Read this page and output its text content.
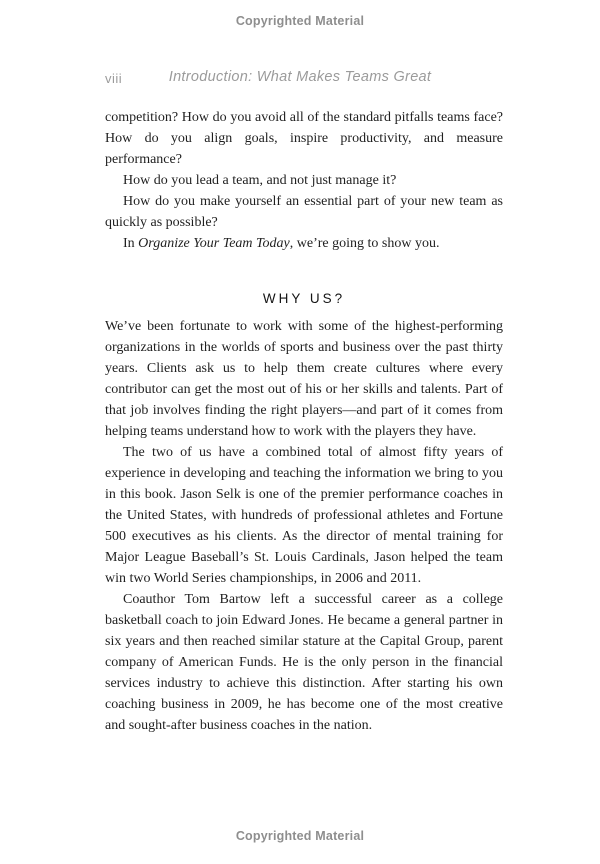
Copyrighted Material
viii	Introduction: What Makes Teams Great

competition? How do you avoid all of the standard pitfalls teams face? How do you align goals, inspire productivity, and measure performance?

How do you lead a team, and not just manage it?

How do you make yourself an essential part of your new team as quickly as possible?

In Organize Your Team Today, we’re going to show you.

WHY US?

We’ve been fortunate to work with some of the highest-performing organizations in the worlds of sports and business over the past thirty years. Clients ask us to help them create cultures where every contributor can get the most out of his or her skills and talents. Part of that job involves finding the right players—and part of it comes from helping teams understand how to work with the players they have.

The two of us have a combined total of almost fifty years of experience in developing and teaching the information we bring to you in this book. Jason Selk is one of the premier performance coaches in the United States, with hundreds of professional athletes and Fortune 500 executives as his clients. As the director of mental training for Major League Baseball’s St. Louis Cardinals, Jason helped the team win two World Series championships, in 2006 and 2011.

Coauthor Tom Bartow left a successful career as a college basketball coach to join Edward Jones. He became a general partner in six years and then reached similar stature at the Capital Group, parent company of American Funds. He is the only person in the financial services industry to achieve this distinction. After starting his own coaching business in 2009, he has become one of the most creative and sought-after business coaches in the nation.

Copyrighted Material
